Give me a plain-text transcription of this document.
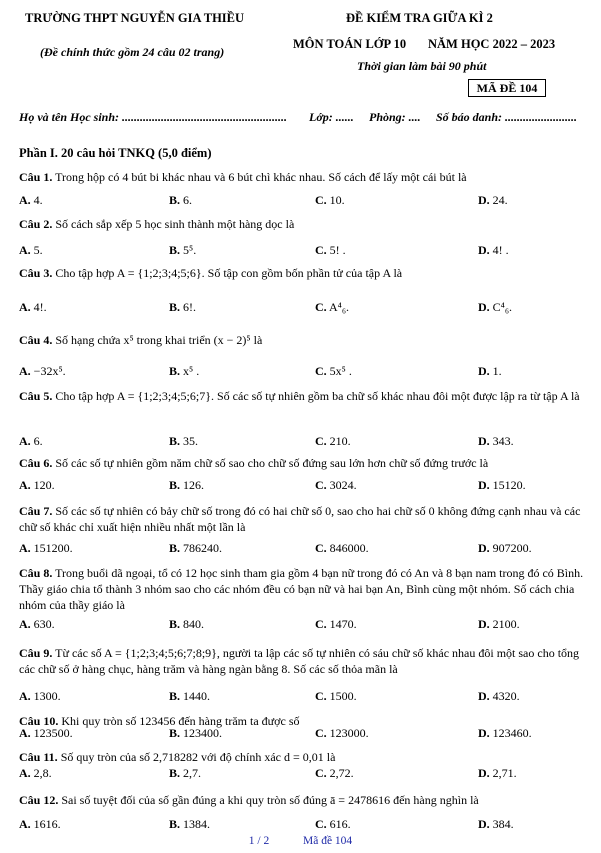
TRƯỜNG THPT NGUYỄN GIA THIỀU
(Đề chính thức gồm 24 câu 02 trang)
ĐỀ KIỂM TRA GIỮA KÌ 2
MÔN TOÁN LỚP 10 NĂM HỌC 2022 – 2023
Thời gian làm bài 90 phút
MÃ ĐỀ 104
Họ và tên Học sinh: ....................................................... Lớp: ...... Phòng: .... Số báo danh: ........................
Phần I. 20 câu hỏi TNKQ (5,0 điểm)
Câu 1. Trong hộp có 4 bút bi khác nhau và 6 bút chì khác nhau. Số cách để lấy một cái bút là
A. 4.	B. 6.	C. 10.	D. 24.
Câu 2. Số cách sắp xếp 5 học sinh thành một hàng dọc là
A. 5.	B. 5⁵.	C. 5! .	D. 4! .
Câu 3. Cho tập hợp A = {1;2;3;4;5;6}. Số tập con gồm bốn phần tử của tập A là
A. 4!.	B. 6!.	C. A⁴₆.	D. C⁴₆.
Câu 4. Số hạng chứa x⁵ trong khai triển (x − 2)⁵ là
A. −32x⁵.	B. x⁵ .	C. 5x⁵ .	D. 1.
Câu 5. Cho tập hợp A = {1;2;3;4;5;6;7}. Số các số tự nhiên gồm ba chữ số khác nhau đôi một được lập ra từ tập A là
A. 6.	B. 35.	C. 210.	D. 343.
Câu 6. Số các số tự nhiên gồm năm chữ số sao cho chữ số đứng sau lớn hơn chữ số đứng trước là
A. 120.	B. 126.	C. 3024.	D. 15120.
Câu 7. Số các số tự nhiên có bảy chữ số trong đó có hai chữ số 0, sao cho hai chữ số 0 không đứng cạnh nhau và các chữ số khác chỉ xuất hiện nhiều nhất một lần là
A. 151200.	B. 786240.	C. 846000.	D. 907200.
Câu 8. Trong buổi dã ngoại, tổ có 12 học sinh tham gia gồm 4 bạn nữ trong đó có An và 8 bạn nam trong đó có Bình. Thầy giáo chia tổ thành 3 nhóm sao cho các nhóm đều có bạn nữ và hai bạn An, Bình cùng một nhóm. Số cách chia nhóm của thầy giáo là
A. 630.	B. 840.	C. 1470.	D. 2100.
Câu 9. Từ các số A = {1;2;3;4;5;6;7;8;9}, người ta lập các số tự nhiên có sáu chữ số khác nhau đôi một sao cho tổng các chữ số ở hàng chục, hàng trăm và hàng ngàn bằng 8. Số các số thỏa mãn là
A. 1300.	B. 1440.	C. 1500.	D. 4320.
Câu 10. Khi quy tròn số 123456 đến hàng trăm ta được số
A. 123500.	B. 123400.	C. 123000.	D. 123460.
Câu 11. Số quy tròn của số 2,718282 với độ chính xác d = 0,01 là
A. 2,8.	B. 2,7.	C. 2,72.	D. 2,71.
Câu 12. Sai số tuyệt đối của số gần đúng a khi quy tròn số đúng ā = 2478616 đến hàng nghìn là
A. 1616.	B. 1384.	C. 616.	D. 384.
1 / 2	Mã đề 104
